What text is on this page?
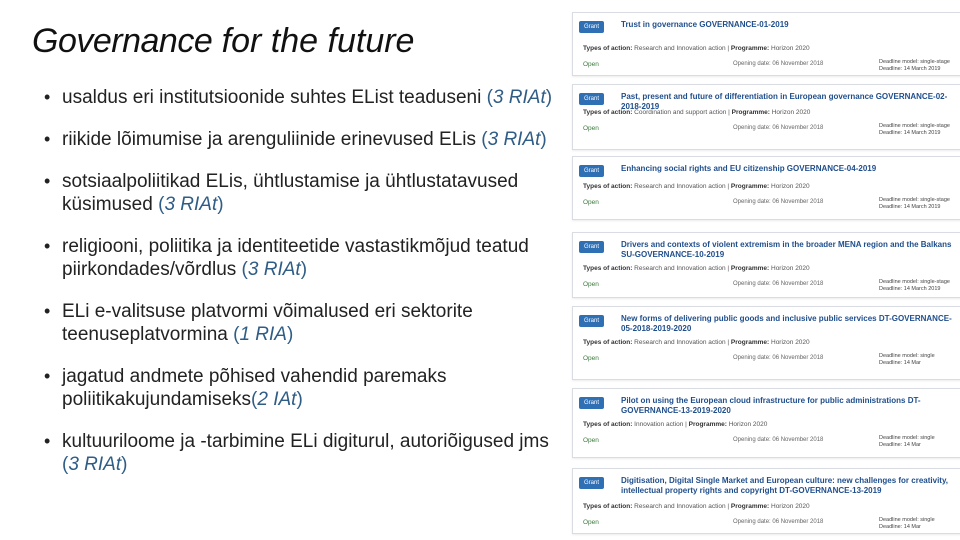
Governance for the future
• usaldus eri institutsioonide suhtes EList teaduseni (3 RIAt)
• riikide lõimumise ja arenguliinide erinevused ELis (3 RIAt)
• sotsiaalpoliitikad ELis, ühtlustamise ja ühtlustatavused küsimused (3 RIAt)
• religiooni, poliitika ja identiteetide vastastikmõjud teatud piirkondades/võrdlus (3 RIAt)
• ELi e-valitsuse platvormi võimalused eri sektorite teenuseplatvormina (1 RIA)
• jagatud andmete põhised vahendid paremaks poliitikakujundamiseks(2 IAt)
• kultuuriloome ja -tarbimine ELi digiturul, autoriõigused jms (3 RIAt)
Grant	Trust in governance GOVERNANCE-01-2019
Types of action: Research and Innovation action | Programme: Horizon 2020
Open	Opening date: 06 November 2018	Deadline model: single-stage
Deadline: 14 March 2019
Grant	Past, present and future of differentiation in European governance GOVERNANCE-02-2018-2019
Types of action: Coordination and support action | Programme: Horizon 2020
Open	Opening date: 06 November 2018	Deadline model: single-stage
Deadline: 14 March 2019
Grant	Enhancing social rights and EU citizenship GOVERNANCE-04-2019
Types of action: Research and Innovation action | Programme: Horizon 2020
Open	Opening date: 06 November 2018	Deadline model: single-stage
Deadline: 14 March 2019
Grant	Drivers and contexts of violent extremism in the broader MENA region and the Balkans SU-GOVERNANCE-10-2019
Types of action: Research and Innovation action | Programme: Horizon 2020
Open	Opening date: 06 November 2018	Deadline model: single-stage
Deadline: 14 March 2019
Grant	New forms of delivering public goods and inclusive public services DT-GOVERNANCE-05-2018-2019-2020
Types of action: Research and Innovation action | Programme: Horizon 2020
Open	Opening date: 06 November 2018	Deadline model: single
Deadline: 14 Mar
Grant	Pilot on using the European cloud infrastructure for public administrations DT-GOVERNANCE-13-2019-2020
Types of action: Innovation action | Programme: Horizon 2020
Open	Opening date: 06 November 2018	Deadline model: single
Deadline: 14 Mar
Grant	Digitisation, Digital Single Market and European culture: new challenges for creativity, intellectual property rights and copyright DT-GOVERNANCE-13-2019
Types of action: Research and Innovation action | Programme: Horizon 2020
Open	Opening date: 06 November 2018	Deadline model: single
Deadline: 14 Mar
